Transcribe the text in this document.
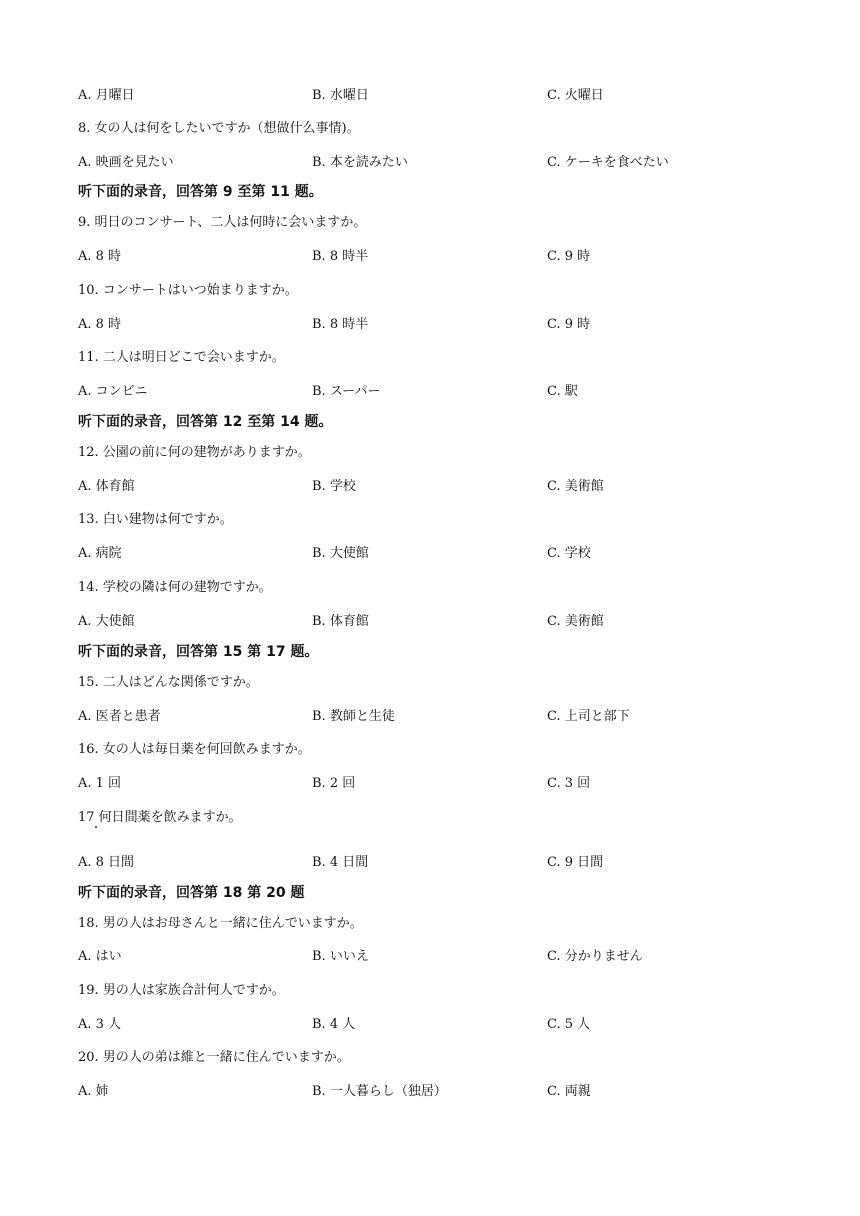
A. 月曜日	B. 水曜日	C. 火曜日
8. 女の人は何をしたいですか（想做什么事情)。
A. 映画を見たい	B. 本を読みたい	C. ケーキを食べたい
听下面的录音，回答第 9 至第 11 题。
9. 明日のコンサート、二人は何時に会いますか。
A. 8 時	B. 8 時半	C. 9 時
10. コンサートはいつ始まりますか。
A. 8 時	B. 8 時半	C. 9 時
11. 二人は明日どこで会いますか。
A. コンビニ	B. スーパー	C. 駅
听下面的录音，回答第 12 至第 14 题。
12. 公園の前に何の建物がありますか。
A. 体育館	B. 学校	C. 美術館
13. 白い建物は何ですか。
A. 病院	B. 大使館	C. 学校
14. 学校の隣は何の建物ですか。
A. 大使館	B. 体育館	C. 美術館
听下面的录音，回答第 15 第 17 题。
15. 二人はどんな関係ですか。
A. 医者と患者	B. 教師と生徒	C. 上司と部下
16. 女の人は毎日薬を何回飲みますか。
A. 1 回	B. 2 回	C. 3 回
17 何日間薬を飲みますか。
A. 8 日間	B. 4 日間	C. 9 日間
听下面的录音，回答第 18 第 20 题
18. 男の人はお母さんと一緒に住んでいますか。
A. はい	B. いいえ	C. 分かりません
19. 男の人は家族合計何人ですか。
A. 3 人	B. 4 人	C. 5 人
20. 男の人の弟は維と一緒に住んでいますか。
A. 姉	B. 一人暮らし（独居）	C. 両親
